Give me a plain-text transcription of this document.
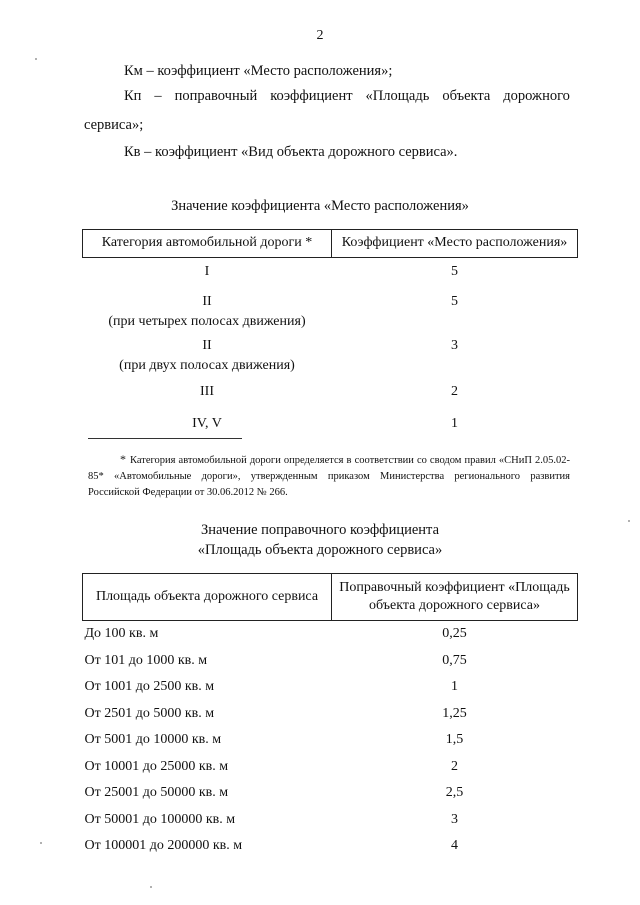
2
Км – коэффициент «Место расположения»;
Кп – поправочный коэффициент «Площадь объекта дорожного
сервиса»;
Кв – коэффициент «Вид объекта дорожного сервиса».
Значение коэффициента «Место расположения»
Категория автомобильной дороги *	Коэффициент «Место расположения»
I	5

II
(при четырех полосах движения)	5

II
(при двух полосах движения)	3
III	2
IV, V	1
* Категория автомобильной дороги определяется в соответствии со сводом правил «СНиП 2.05.02-85* «Автомобильные дороги», утвержденным приказом Министерства регионального развития Российской Федерации от 30.06.2012 № 266.
Значение поправочного коэффициента
«Площадь объекта дорожного сервиса»
Площадь объекта дорожного сервиса	Поправочный коэффициент «Площадь объекта дорожного сервиса»
До 100 кв. м	0,25
От 101 до 1000 кв. м	0,75
От 1001 до 2500 кв. м	1
От 2501 до 5000 кв. м	1,25
От 5001 до 10000 кв. м	1,5
От 10001 до 25000 кв. м	2
От 25001 до 50000 кв. м	2,5
От 50001 до 100000 кв. м	3
От 100001 до 200000 кв. м	4
